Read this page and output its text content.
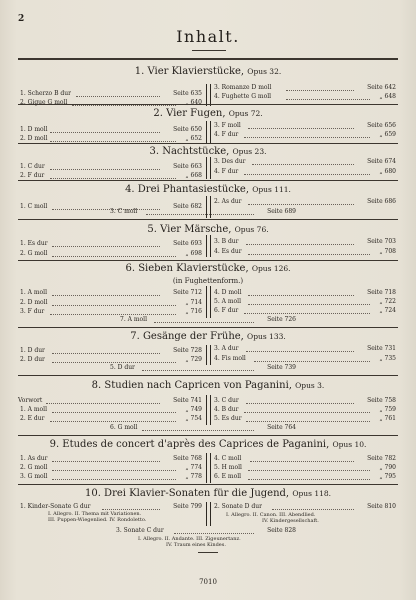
2
Inhalt.
1. Vier Klavierstücke, Opus 32.
1. Scherzo B dur	Seite 635
2. Gigue G moll	„ 640
3. Romanze D moll	Seite 642
4. Fughette G moll	„ 648
2. Vier Fugen, Opus 72.
1. D moll	Seite 650
2. D moll	„ 652
3. F moll	Seite 656
4. F dur	„ 659
3. Nachtstücke, Opus 23.
1. C dur	Seite 663
2. F dur	„ 668
3. Des dur	Seite 674
4. F dur	„ 680
4. Drei Phantasiestücke, Opus 111.
1. C moll	Seite 682
2. As dur	Seite 686
3. C moll	Seite 689
5. Vier Märsche, Opus 76.
1. Es dur	Seite 693
2. G moll	„ 698
3. B dur	Seite 703
4. Es dur	„ 708
6. Sieben Klavierstücke, Opus 126.
(in Fughettenform.)
1. A moll	Seite 712
2. D moll	„ 714
3. F dur	„ 716
4. D moll	Seite 718
5. A moll	„ 722
6. F dur	„ 724
7. A moll	Seite 726
7. Gesänge der Frühe, Opus 133.
1. D dur	Seite 728
2. D dur	„ 729
3. A dur	Seite 731
4. Fis moll	„ 735
5. D dur	Seite 739
8. Studien nach Capricen von Paganini, Opus 3.
Vorwort	Seite 741
1. A moll	„ 749
2. E dur	„ 754
3. C dur	Seite 758
4. B dur	„ 759
5. Es dur	„ 761
6. G moll	Seite 764
9. Etudes de concert d'après des Caprices de Paganini, Opus 10.
1. As dur	Seite 768
2. G moll	„ 774
3. G moll	„ 778
4. C moll	Seite 782
5. H moll	„ 790
6. E moll	„ 795
10. Drei Klavier-Sonaten für die Jugend, Opus 118.
1. Kinder-Sonate G dur	Seite 799
I. Allegro. II. Thema mit Variationen.
III. Puppen-Wiegenlied. IV. Rondoletto.
2. Sonate D dur	Seite 810
I. Allegro. II. Canon. III. Abendlied.
IV. Kindergesellschaft.
3. Sonate C dur	Seite 828
I. Allegro. II. Andante. III. Zigeunertanz.
IV. Traum eines Kindes.
7010
